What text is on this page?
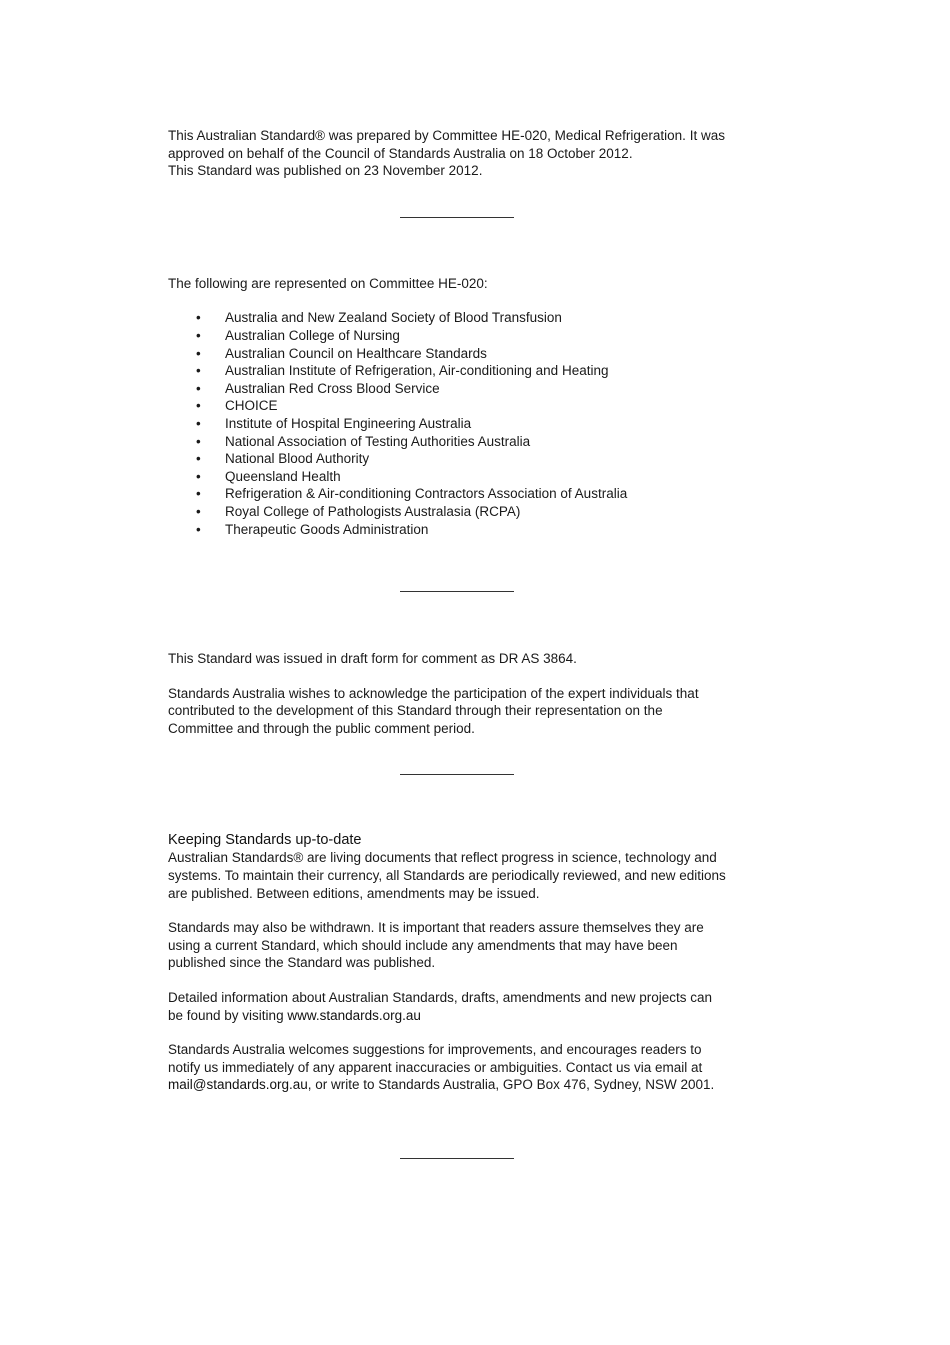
This Australian Standard® was prepared by Committee HE-020, Medical Refrigeration. It was
approved on behalf of the Council of Standards Australia on 18 October 2012.
This Standard was published on 23 November 2012.

The following are represented on Committee HE-020:

• Australia and New Zealand Society of Blood Transfusion
• Australian College of Nursing
• Australian Council on Healthcare Standards
• Australian Institute of Refrigeration, Air-conditioning and Heating
• Australian Red Cross Blood Service
• CHOICE
• Institute of Hospital Engineering Australia
• National Association of Testing Authorities Australia
• National Blood Authority
• Queensland Health
• Refrigeration & Air-conditioning Contractors Association of Australia
• Royal College of Pathologists Australasia (RCPA)
• Therapeutic Goods Administration

This Standard was issued in draft form for comment as DR AS 3864.

Standards Australia wishes to acknowledge the participation of the expert individuals that
contributed to the development of this Standard through their representation on the
Committee and through the public comment period.

Keeping Standards up-to-date

Australian Standards® are living documents that reflect progress in science, technology and
systems. To maintain their currency, all Standards are periodically reviewed, and new editions
are published. Between editions, amendments may be issued.

Standards may also be withdrawn. It is important that readers assure themselves they are
using a current Standard, which should include any amendments that may have been
published since the Standard was published.

Detailed information about Australian Standards, drafts, amendments and new projects can
be found by visiting www.standards.org.au

Standards Australia welcomes suggestions for improvements, and encourages readers to
notify us immediately of any apparent inaccuracies or ambiguities. Contact us via email at
mail@standards.org.au, or write to Standards Australia, GPO Box 476, Sydney, NSW 2001.
